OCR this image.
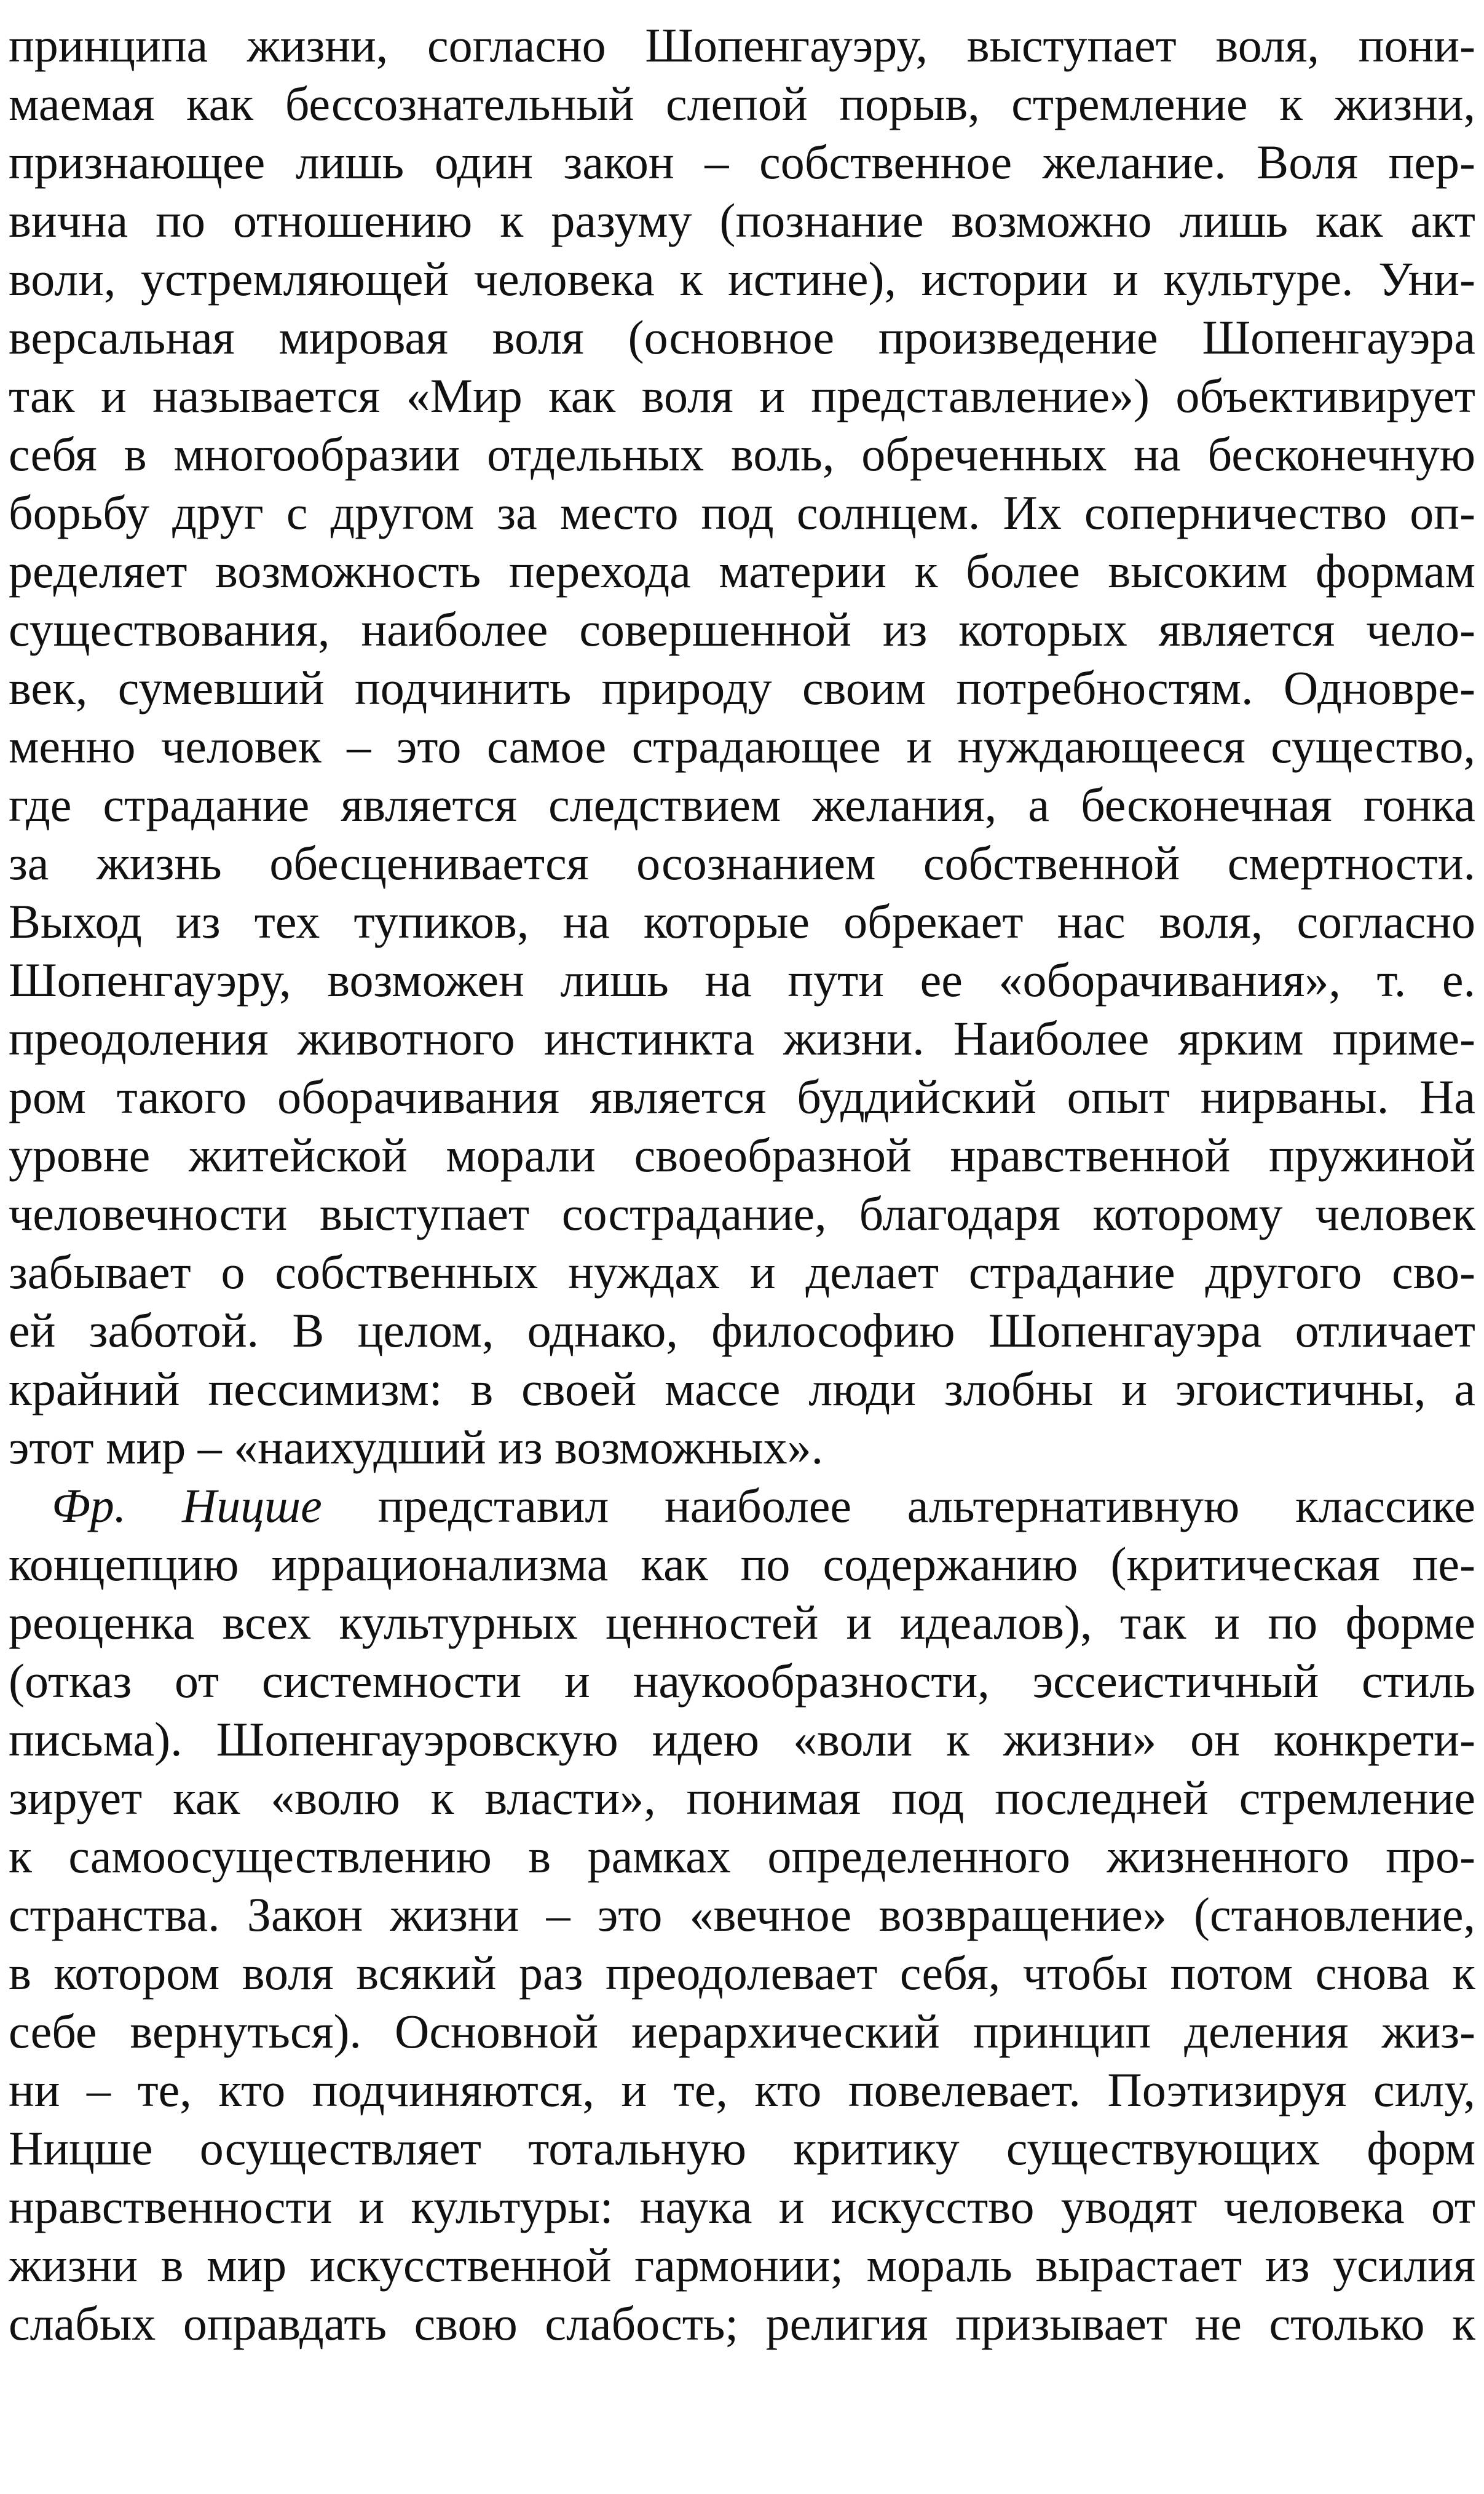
принципа жизни, согласно Шопенгауэру, выступает воля, пони-
маемая как бессознательный слепой порыв, стремление к жизни,
признающее лишь один закон – собственное желание. Воля пер-
вична по отношению к разуму (познание возможно лишь как акт
воли, устремляющей человека к истине), истории и культуре. Уни-
версальная мировая воля (основное произведение Шопенгауэра
так и называется «Мир как воля и представление») объективирует
себя в многообразии отдельных воль, обреченных на бесконечную
борьбу друг с другом за место под солнцем. Их соперничество оп-
ределяет возможность перехода материи к более высоким формам
существования, наиболее совершенной из которых является чело-
век, сумевший подчинить природу своим потребностям. Одновре-
менно человек – это самое страдающее и нуждающееся существо,
где страдание является следствием желания, а бесконечная гонка
за жизнь обесценивается осознанием собственной смертности.
Выход из тех тупиков, на которые обрекает нас воля, согласно
Шопенгауэру, возможен лишь на пути ее «оборачивания», т. е.
преодоления животного инстинкта жизни. Наиболее ярким приме-
ром такого оборачивания является буддийский опыт нирваны. На
уровне житейской морали своеобразной нравственной пружиной
человечности выступает сострадание, благодаря которому человек
забывает о собственных нуждах и делает страдание другого сво-
ей заботой. В целом, однако, философию Шопенгауэра отличает
крайний пессимизм: в своей массе люди злобны и эгоистичны, а
этот мир – «наихудший из возможных».
Фр. Ницше представил наиболее альтернативную классике
концепцию иррационализма как по содержанию (критическая пе-
реоценка всех культурных ценностей и идеалов), так и по форме
(отказ от системности и наукообразности, эссеистичный стиль
письма). Шопенгауэровскую идею «воли к жизни» он конкрети-
зирует как «волю к власти», понимая под последней стремление
к самоосуществлению в рамках определенного жизненного про-
странства. Закон жизни – это «вечное возвращение» (становление,
в котором воля всякий раз преодолевает себя, чтобы потом снова к
себе вернуться). Основной иерархический принцип деления жиз-
ни – те, кто подчиняются, и те, кто повелевает. Поэтизируя силу,
Ницше осуществляет тотальную критику существующих форм
нравственности и культуры: наука и искусство уводят человека от
жизни в мир искусственной гармонии; мораль вырастает из усилия
слабых оправдать свою слабость; религия призывает не столько к
